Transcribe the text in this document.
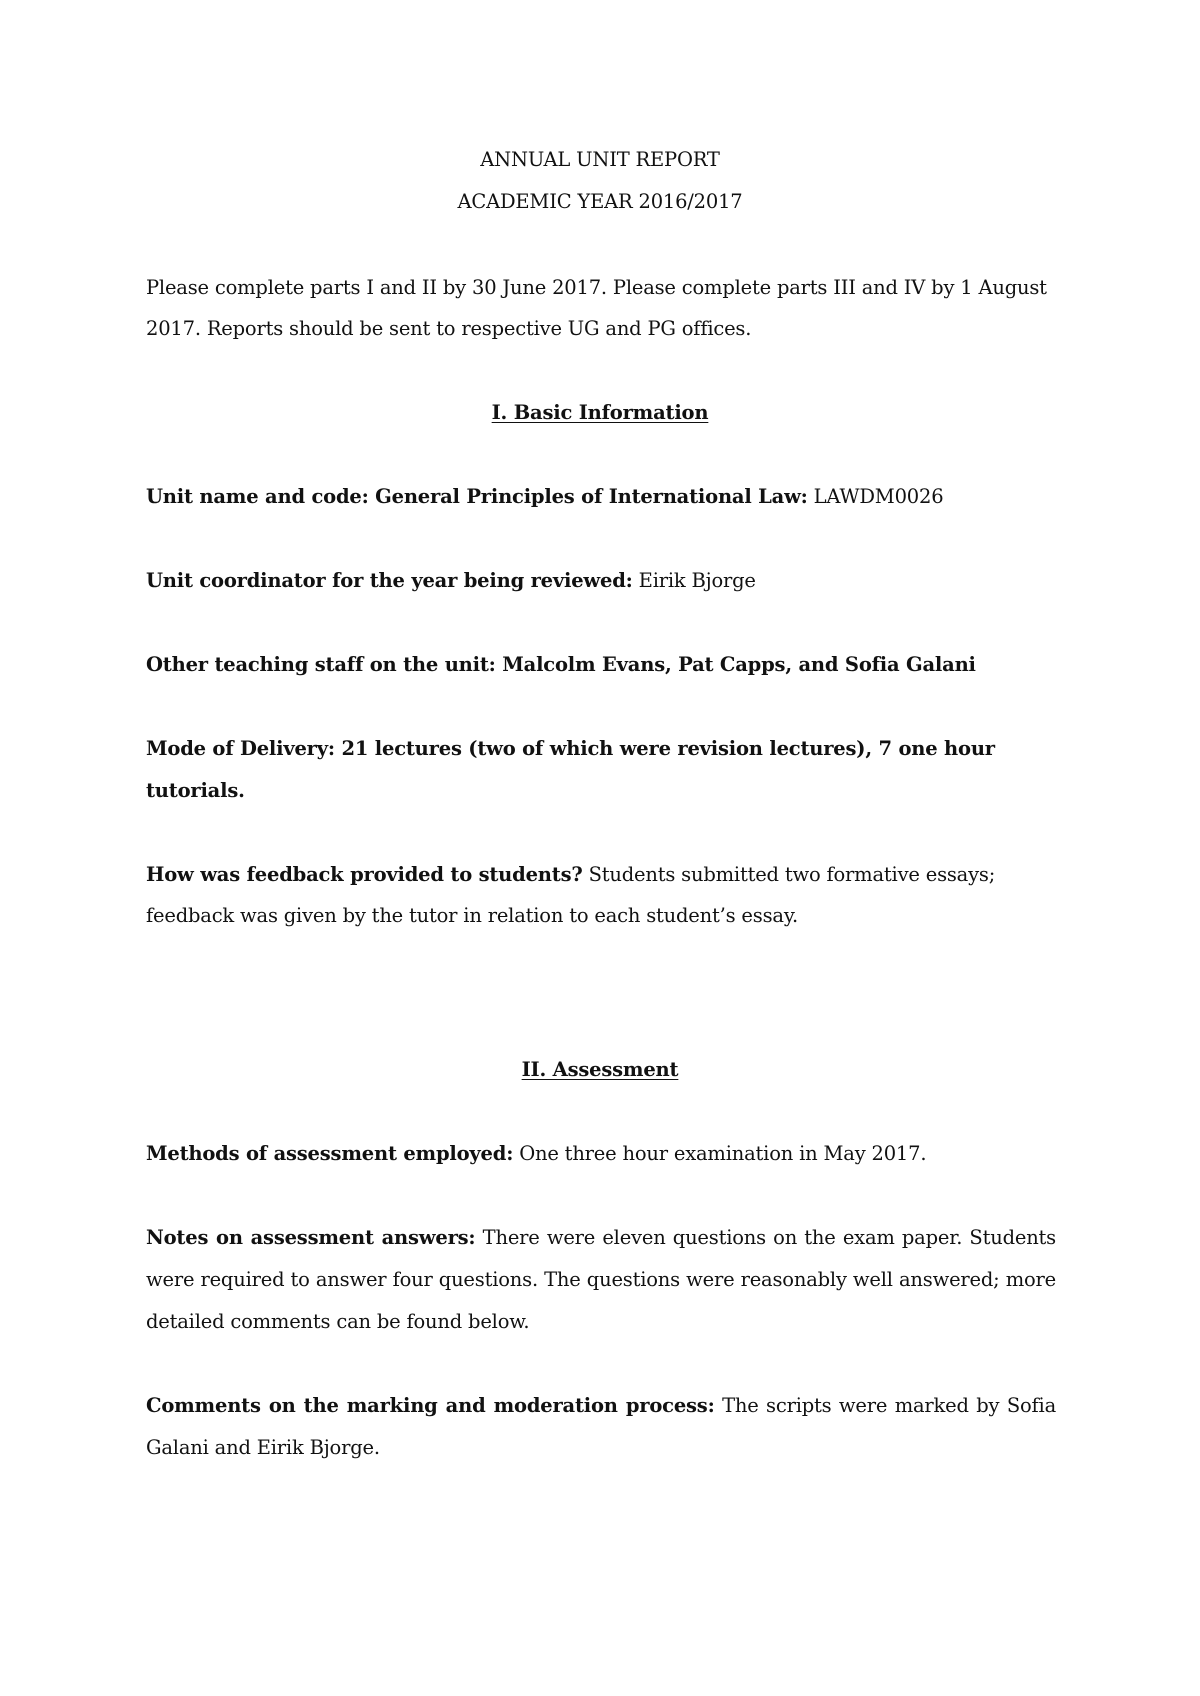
ANNUAL UNIT REPORT
ACADEMIC YEAR 2016/2017
Please complete parts I and II by 30 June 2017. Please complete parts III and IV by 1 August
2017. Reports should be sent to respective UG and PG offices.
I. Basic Information
Unit name and code: General Principles of International Law: LAWDM0026
Unit coordinator for the year being reviewed: Eirik Bjorge
Other teaching staff on the unit: Malcolm Evans, Pat Capps, and Sofia Galani
Mode of Delivery: 21 lectures (two of which were revision lectures), 7 one hour
tutorials.
How was feedback provided to students? Students submitted two formative essays;
feedback was given by the tutor in relation to each student’s essay.
II. Assessment
Methods of assessment employed: One three hour examination in May 2017.
Notes on assessment answers: There were eleven questions on the exam paper. Students were required to answer four questions. The questions were reasonably well answered; more detailed comments can be found below.
Comments on the marking and moderation process: The scripts were marked by Sofia Galani and Eirik Bjorge.
